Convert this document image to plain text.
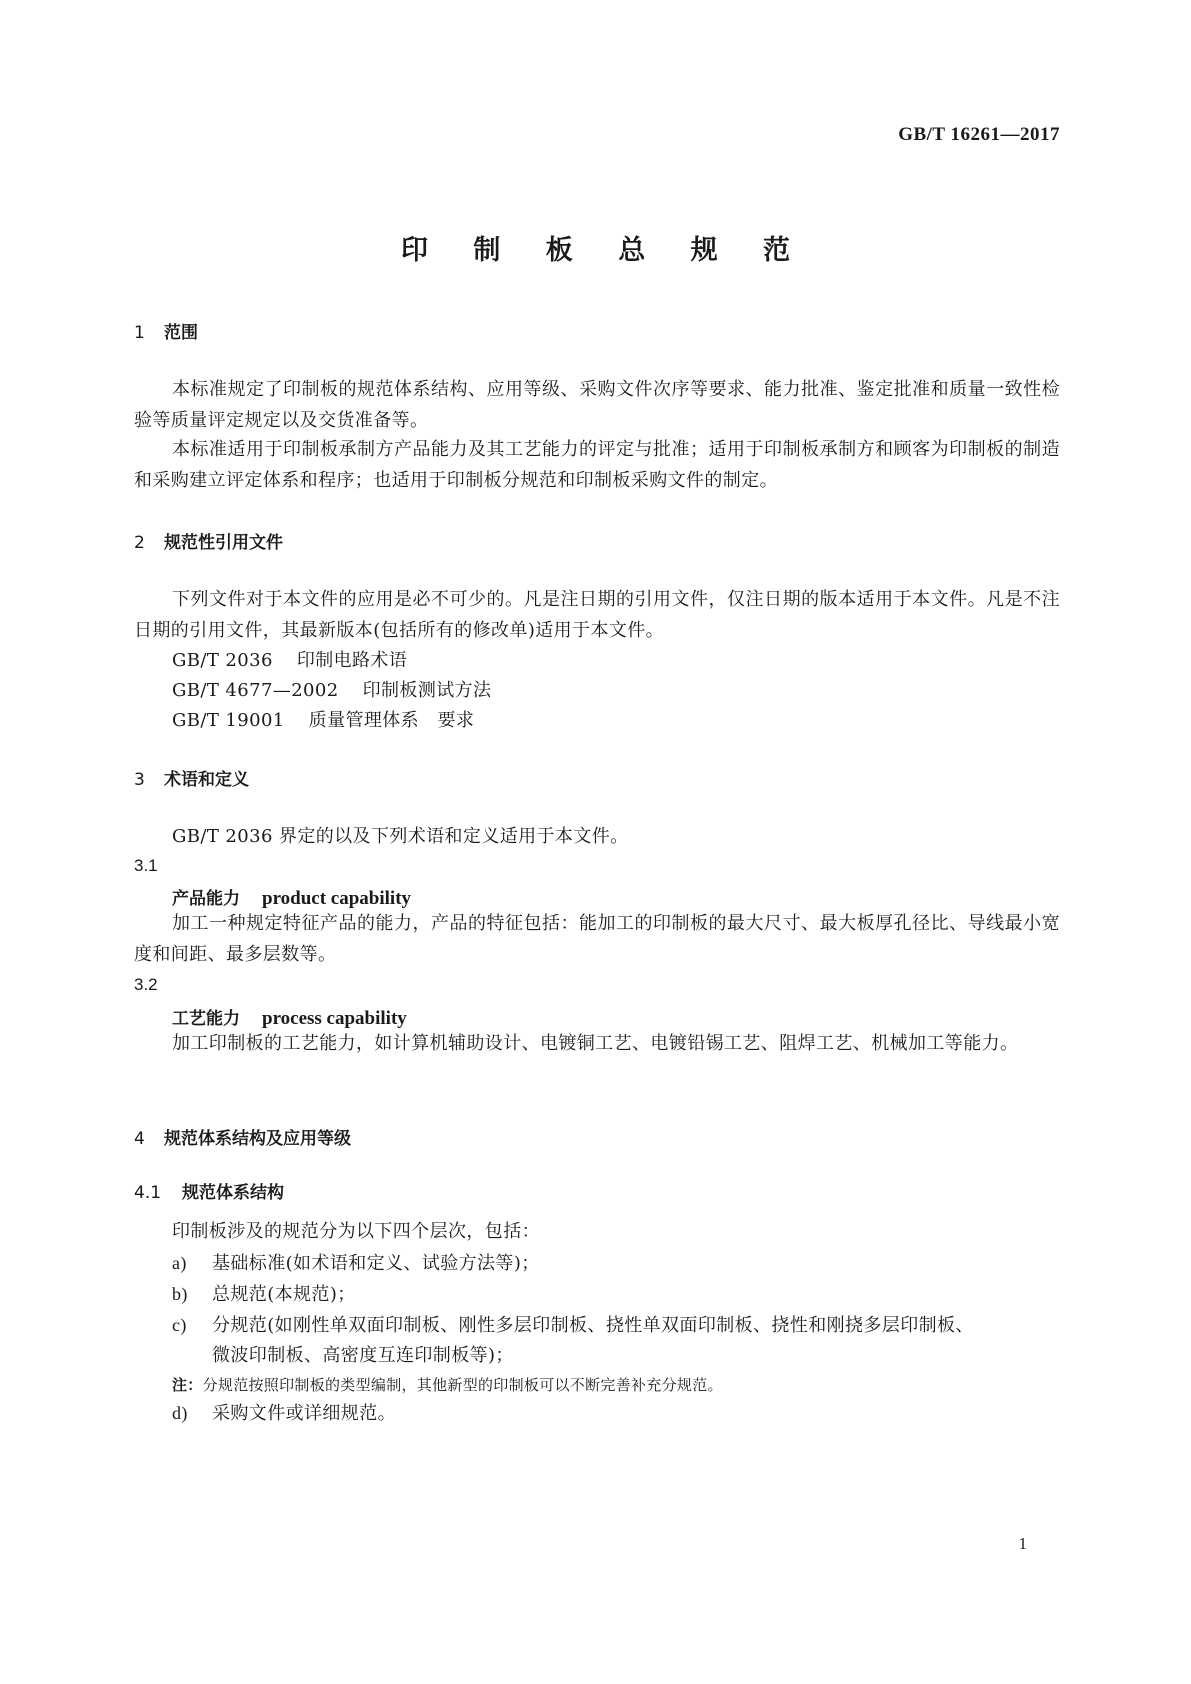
GB/T 16261—2017
印 制 板 总 规 范
1 范围
本标准规定了印制板的规范体系结构、应用等级、采购文件次序等要求、能力批准、鉴定批准和质量一致性检验等质量评定规定以及交货准备等。
本标准适用于印制板承制方产品能力及其工艺能力的评定与批准；适用于印制板承制方和顾客为印制板的制造和采购建立评定体系和程序；也适用于印制板分规范和印制板采购文件的制定。
2 规范性引用文件
下列文件对于本文件的应用是必不可少的。凡是注日期的引用文件，仅注日期的版本适用于本文件。凡是不注日期的引用文件，其最新版本(包括所有的修改单)适用于本文件。
GB/T 2036 印制电路术语
GB/T 4677—2002 印制板测试方法
GB/T 19001 质量管理体系　要求
3 术语和定义
GB/T 2036 界定的以及下列术语和定义适用于本文件。
3.1
产品能力 product capability
加工一种规定特征产品的能力，产品的特征包括：能加工的印制板的最大尺寸、最大板厚孔径比、导线最小宽度和间距、最多层数等。
3.2
工艺能力 process capability
加工印制板的工艺能力，如计算机辅助设计、电镀铜工艺、电镀铅锡工艺、阻焊工艺、机械加工等能力。
4 规范体系结构及应用等级
4.1 规范体系结构
印制板涉及的规范分为以下四个层次，包括：
a) 基础标准(如术语和定义、试验方法等)；
b) 总规范(本规范)；
c) 分规范(如刚性单双面印制板、刚性多层印制板、挠性单双面印制板、挠性和刚挠多层印制板、
微波印制板、高密度互连印制板等)；
注：分规范按照印制板的类型编制，其他新型的印制板可以不断完善补充分规范。
d) 采购文件或详细规范。
1
